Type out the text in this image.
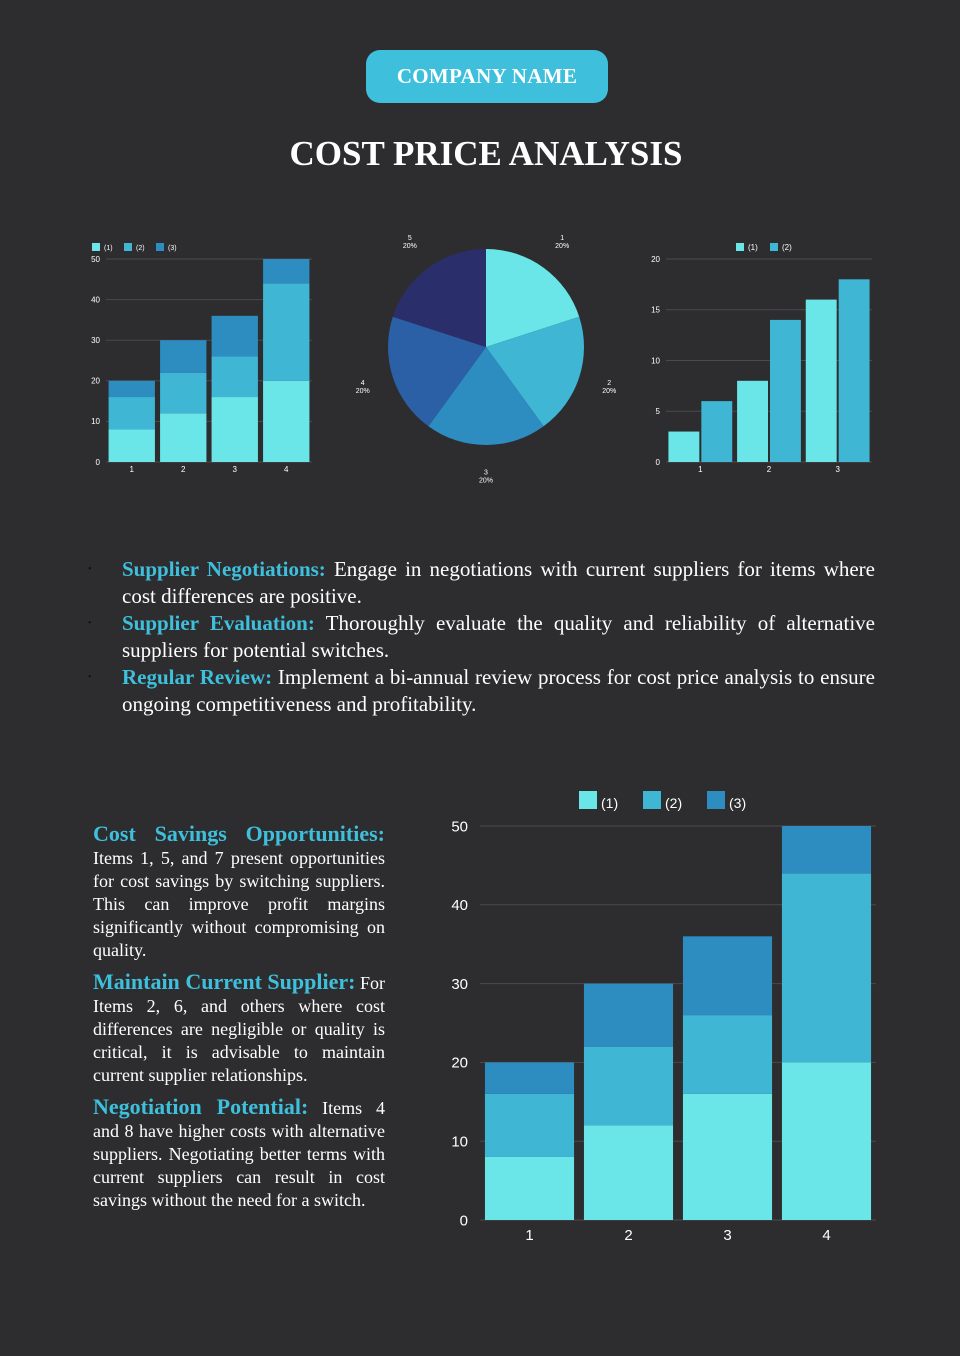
COMPANY NAME
COST PRICE ANALYSIS
0
10
20
30
40
50
1	2	3	4
(1)	(2)	(3)
1
20%
2
20%
3
20%
4
20%
5
20%
0
5
10
15
20
1	2	3
(1)	(2)
• Supplier Negotiations: Engage in negotiations with current suppliers for items where cost differences are positive.
• Supplier Evaluation: Thoroughly evaluate the quality and reliability of alternative suppliers for potential switches.
• Regular Review: Implement a bi-annual review process for cost price analysis to ensure ongoing competitiveness and profitability.

Cost Savings Opportunities: Items 1, 5, and 7 present opportunities for cost savings by switching suppliers. This can improve profit margins significantly without compromising on quality.

Maintain Current Supplier: For Items 2, 6, and others where cost differences are negligible or quality is critical, it is advisable to maintain current supplier relationships.

Negotiation Potential: Items 4 and 8 have higher costs with alternative suppliers. Negotiating better terms with current suppliers can result in cost savings without the need for a switch.

0
10
20
30
40
50
1	2	3	4
(1)	(2)	(3)
